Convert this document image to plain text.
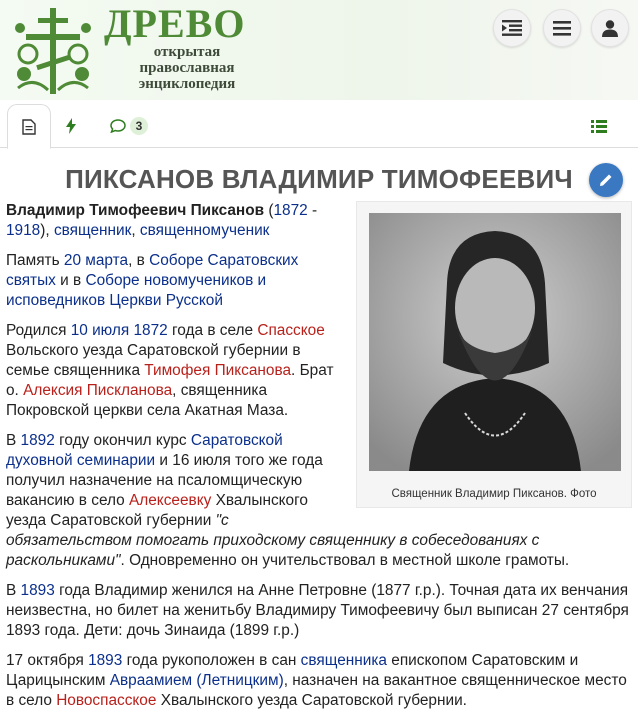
ДРЕВО
открытая
православная
энциклопедия
3
ПИКСАНОВ ВЛАДИМИР ТИМОФЕЕВИЧ
Священник Владимир Пиксанов. Фото

Владимир Тимофеевич Пиксанов (1872 - 1918), священник, священномученик

Память 20 марта, в Соборе Саратовских святых и в Соборе новомучеников и исповедников Церкви Русской

Родился 10 июля 1872 года в селе Спасское Вольского уезда Саратовской губернии в семье священника Тимофея Пиксанова. Брат о. Алексия Пискланова, священника Покровской церкви села Акатная Маза.

В 1892 году окончил курс Саратовской духовной семинарии и 16 июля того же года получил назначение на псаломщическую вакансию в село Алексеевку Хвалынского уезда Саратовской губернии "с обязательством помогать приходскому священнику в собеседованиях с раскольниками". Одновременно он учительствовал в местной школе грамоты.

В 1893 года Владимир женился на Анне Петровне (1877 г.р.). Точная дата их венчания неизвестна, но билет на женитьбу Владимиру Тимофеевичу был выписан 27 сентября 1893 года. Дети: дочь Зинаида (1899 г.р.)

17 октября 1893 года рукоположен в сан священника епископом Саратовским и Царицынским Авраамием (Летницким), назначен на вакантное священническое место в село Новоспасское Хвалынского уезда Саратовской губернии.
